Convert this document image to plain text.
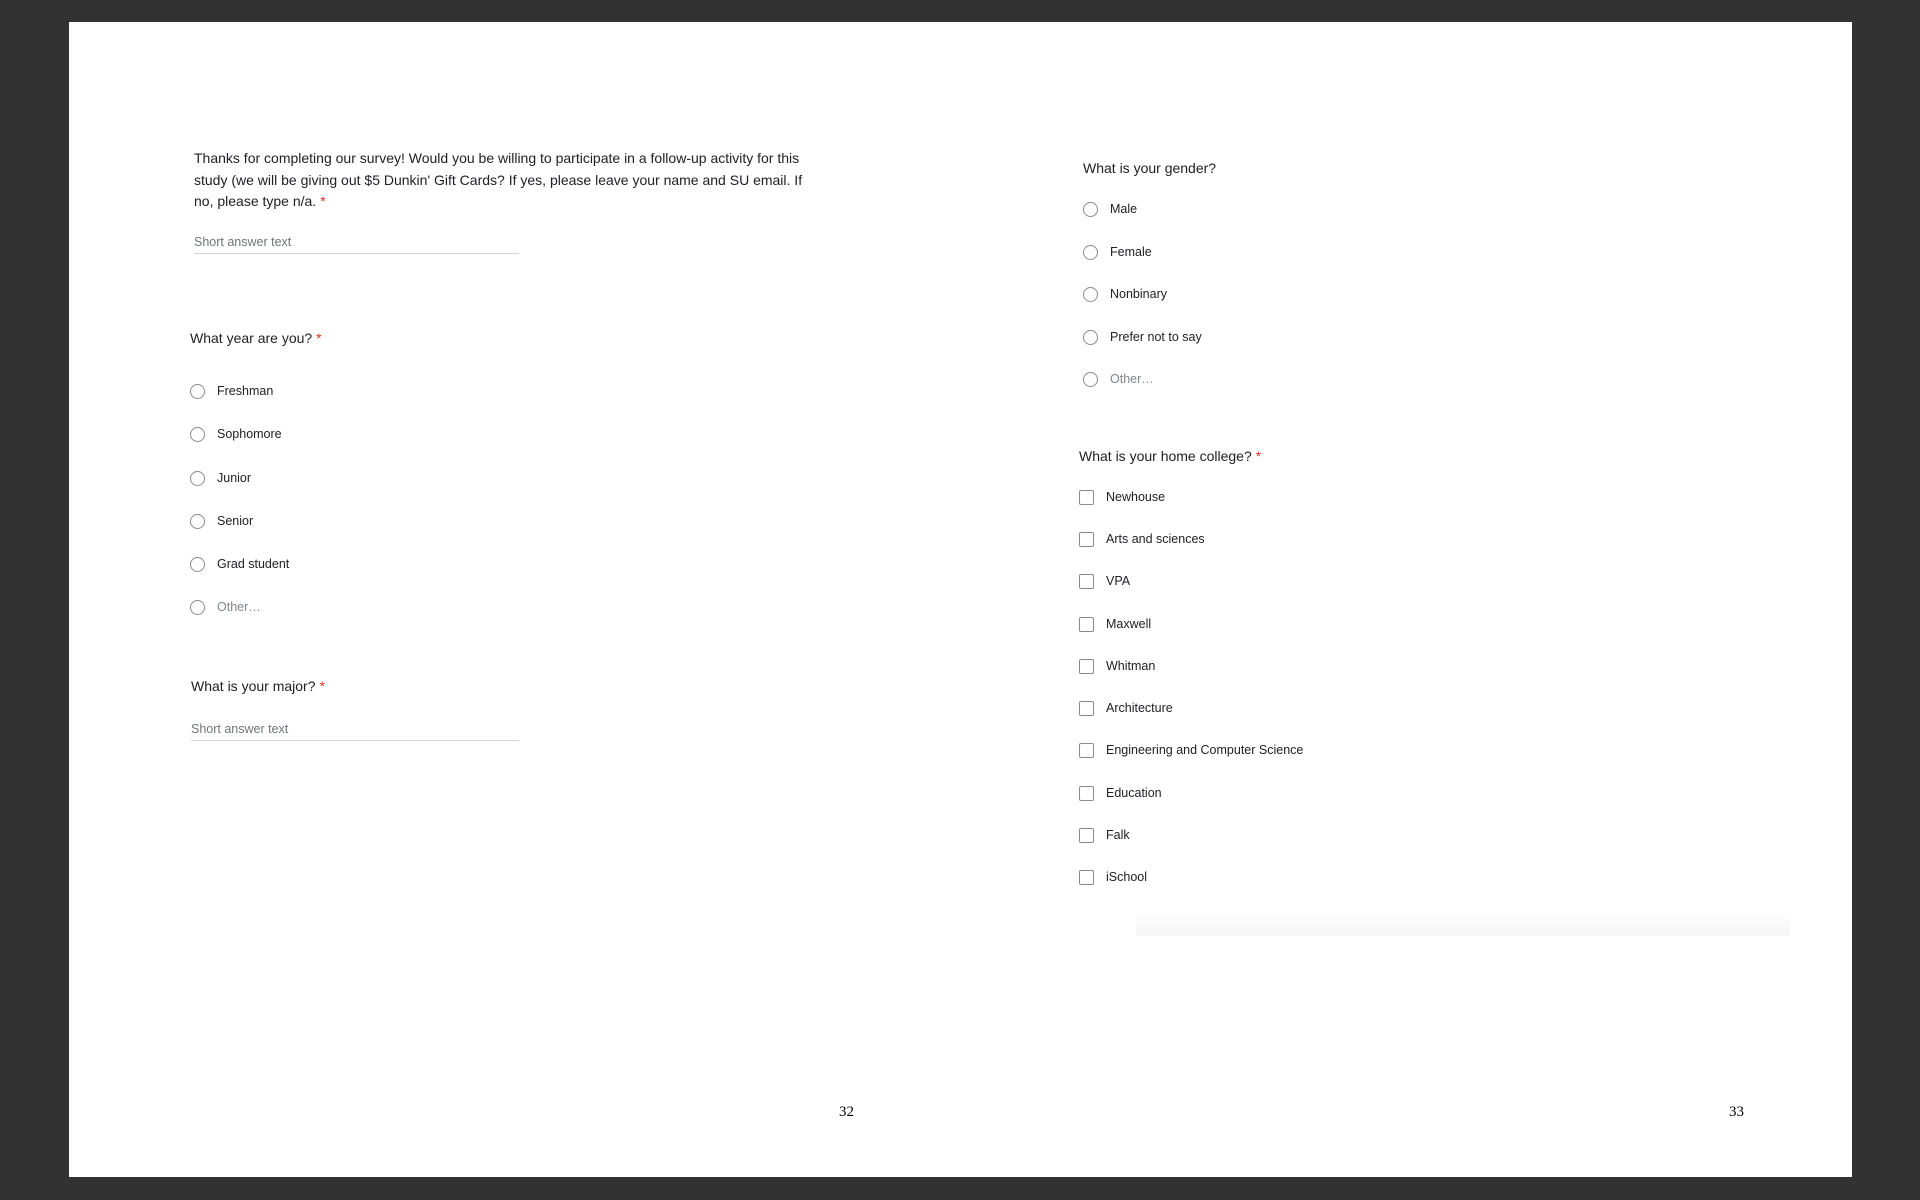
Thanks for completing our survey! Would you be willing to participate in a follow-up activity for this study (we will be giving out $5 Dunkin' Gift Cards? If yes, please leave your name and SU email. If no, please type n/a. *
Short answer text
What year are you? *
Freshman
Sophomore
Junior
Senior
Grad student
Other…
What is your major? *
Short answer text
32
What is your gender?
Male
Female
Nonbinary
Prefer not to say
Other…
What is your home college? *
Newhouse
Arts and sciences
VPA
Maxwell
Whitman
Architecture
Engineering and Computer Science
Education
Falk
iSchool
33
